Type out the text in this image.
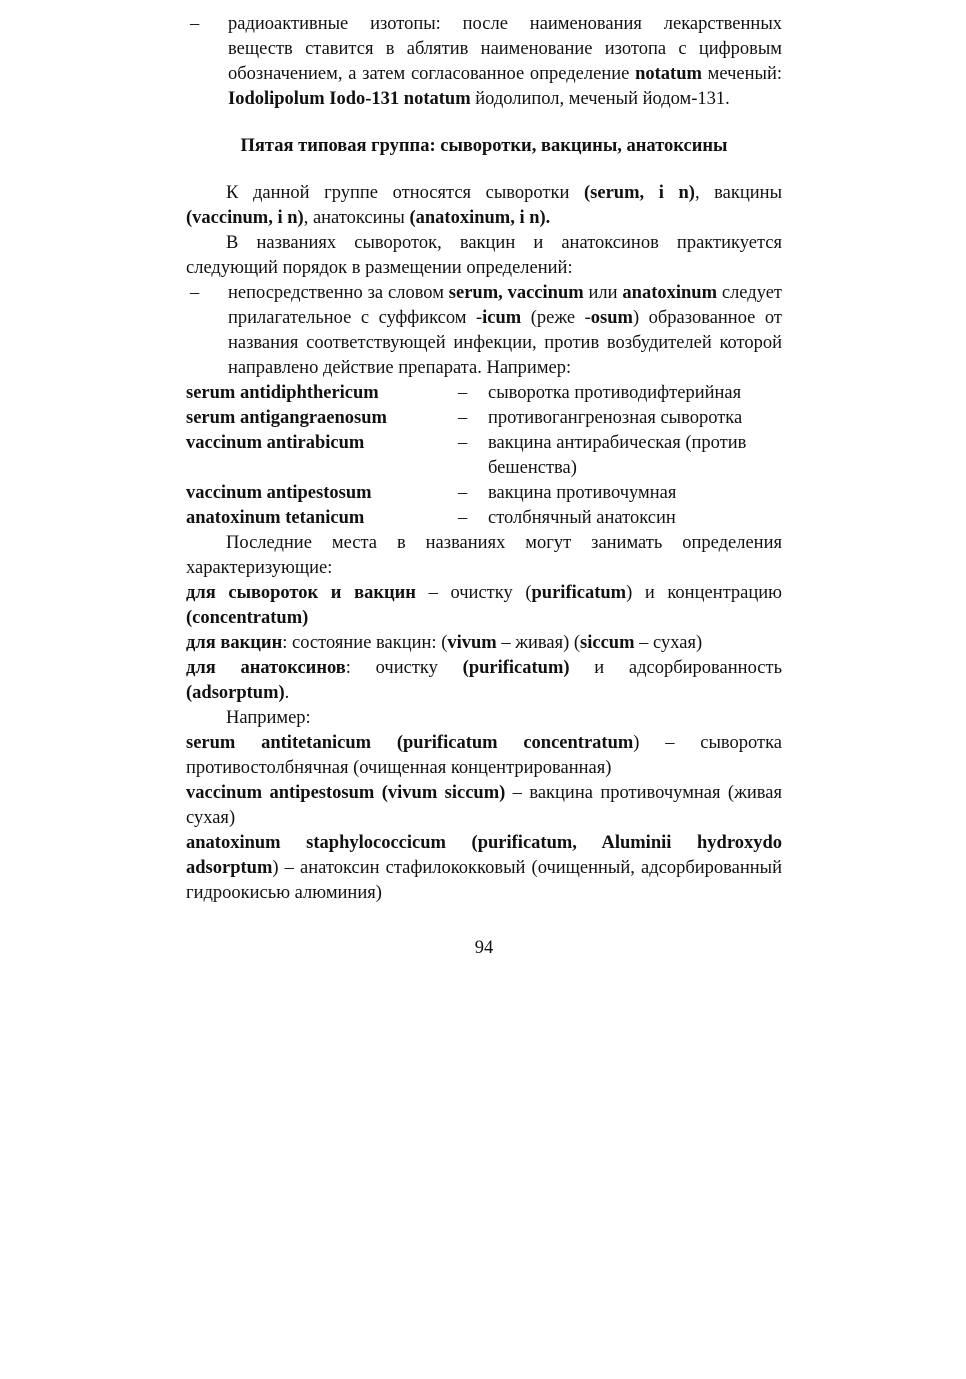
– радиоактивные изотопы: после наименования лекарственных веществ ставится в аблятив наименование изотопа с цифровым обозначением, а затем согласованное определение notatum меченый: Iodolipolum Iodo-131 notatum йодолипол, меченый йодом-131.
Пятая типовая группа: сыворотки, вакцины, анатоксины
К данной группе относятся сыворотки (serum, i n), вакцины (vaccinum, i n), анатоксины (anatoxinum, i n).
В названиях сывороток, вакцин и анатоксинов практикуется следующий порядок в размещении определений:
– непосредственно за словом serum, vaccinum или anatoxinum следует прилагательное с суффиксом -icum (реже -osum) образованное от названия соответствующей инфекции, против возбудителей которой направлено действие препарата. Например:
serum antidiphthericum	–	сыворотка противодифтерийная
serum antigangraenosum	–	противогангренозная сыворотка
vaccinum antirabicum	–	вакцина антирабическая (против бешенства)
vaccinum antipestosum	–	вакцина противочумная
anatoxinum tetanicum	–	столбнячный анатоксин
Последние места в названиях могут занимать определения характеризующие:
для сывороток и вакцин – очистку (purificatum) и концентрацию (concentratum)
для вакцин: состояние вакцин: (vivum – живая) (siccum – сухая)
для анатоксинов: очистку (purificatum) и адсорбированность (adsorptum).
Например:
serum antitetanicum (purificatum concentratum) – сыворотка противостолбнячная (очищенная концентрированная)
vaccinum antipestosum (vivum siccum) – вакцина противочумная (живая сухая)
anatoxinum staphylococcicum (purificatum, Aluminii hydroxydo adsorptum) – анатоксин стафилококковый (очищенный, адсорбированный гидроокисью алюминия)
94
